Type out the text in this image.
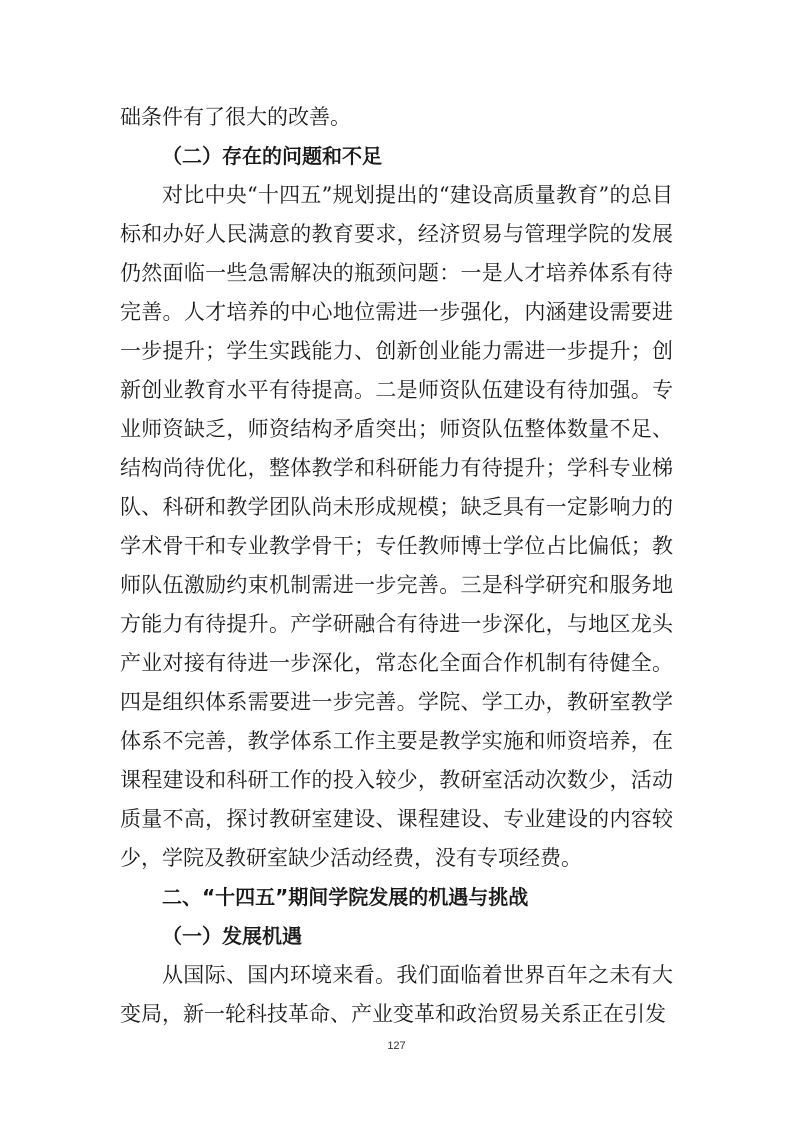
础条件有了很大的改善。

（二）存在的问题和不足

对比中央“十四五”规划提出的“建设高质量教育”的总目标和办好人民满意的教育要求，经济贸易与管理学院的发展仍然面临一些急需解决的瓶颈问题：一是人才培养体系有待完善。人才培养的中心地位需进一步强化，内涵建设需要进一步提升；学生实践能力、创新创业能力需进一步提升；创新创业教育水平有待提高。二是师资队伍建设有待加强。专业师资缺乏，师资结构矛盾突出；师资队伍整体数量不足、结构尚待优化，整体教学和科研能力有待提升；学科专业梯队、科研和教学团队尚未形成规模；缺乏具有一定影响力的学术骨干和专业教学骨干；专任教师博士学位占比偏低；教师队伍激励约束机制需进一步完善。三是科学研究和服务地方能力有待提升。产学研融合有待进一步深化，与地区龙头产业对接有待进一步深化，常态化全面合作机制有待健全。四是组织体系需要进一步完善。学院、学工办，教研室教学体系不完善，教学体系工作主要是教学实施和师资培养，在课程建设和科研工作的投入较少，教研室活动次数少，活动质量不高，探讨教研室建设、课程建设、专业建设的内容较少，学院及教研室缺少活动经费，没有专项经费。

二、“十四五”期间学院发展的机遇与挑战

（一）发展机遇

从国际、国内环境来看。我们面临着世界百年之未有大变局，新一轮科技革命、产业变革和政治贸易关系正在引发

127
